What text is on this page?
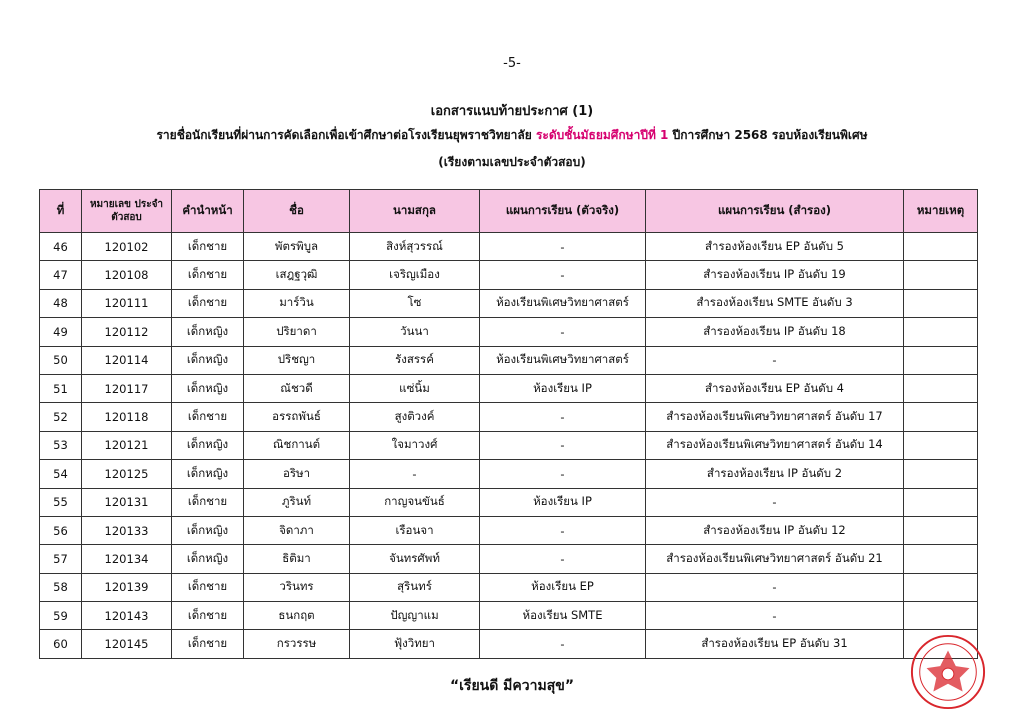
-5-
เอกสารแนบท้ายประกาศ (1)
รายชื่อนักเรียนที่ผ่านการคัดเลือกเพื่อเข้าศึกษาต่อโรงเรียนยุพราชวิทยาลัย ระดับชั้นมัธยมศึกษาปีที่ 1 ปีการศึกษา 2568 รอบห้องเรียนพิเศษ
(เรียงตามเลขประจำตัวสอบ)
ที่	หมายเลข ประจำตัวสอบ	คำนำหน้า	ชื่อ	นามสกุล	แผนการเรียน (ตัวจริง)	แผนการเรียน (สำรอง)	หมายเหตุ
46	120102	เด็กชาย	พัตรพิบูล	สิงห์สุวรรณ์	-	สำรองห้องเรียน EP อันดับ 5	
47	120108	เด็กชาย	เสฎฐวุฒิ	เจริญเมือง	-	สำรองห้องเรียน IP อันดับ 19	
48	120111	เด็กชาย	มาร์วิน	โซ	ห้องเรียนพิเศษวิทยาศาสตร์	สำรองห้องเรียน SMTE อันดับ 3	
49	120112	เด็กหญิง	ปริยาดา	วันนา	-	สำรองห้องเรียน IP อันดับ 18	
50	120114	เด็กหญิง	ปริชญา	รังสรรค์	ห้องเรียนพิเศษวิทยาศาสตร์	-	
51	120117	เด็กหญิง	ณัชวดี	แซ่นิ้ม	ห้องเรียน IP	สำรองห้องเรียน EP อันดับ 4	
52	120118	เด็กชาย	อรรถพันธ์	สูงติวงค์	-	สำรองห้องเรียนพิเศษวิทยาศาสตร์ อันดับ 17	
53	120121	เด็กหญิง	ณิชกานต์	ใจมาวงศ์	-	สำรองห้องเรียนพิเศษวิทยาศาสตร์ อันดับ 14	
54	120125	เด็กหญิง	อริษา	-	-	สำรองห้องเรียน IP อันดับ 2	
55	120131	เด็กชาย	ภูรินท์	กาญจนขันธ์	ห้องเรียน IP	-	
56	120133	เด็กหญิง	จิดาภา	เรือนจา	-	สำรองห้องเรียน IP อันดับ 12	
57	120134	เด็กหญิง	ธิติมา	จันทรศัพท์	-	สำรองห้องเรียนพิเศษวิทยาศาสตร์ อันดับ 21	
58	120139	เด็กชาย	วรินทร	สุรินทร์	ห้องเรียน EP	-	
59	120143	เด็กชาย	ธนกฤต	ปัญญาแม	ห้องเรียน SMTE	-	
60	120145	เด็กชาย	กรวรรษ	ฟุ้งวิทยา	-	สำรองห้องเรียน EP อันดับ 31	
“เรียนดี มีความสุข”
